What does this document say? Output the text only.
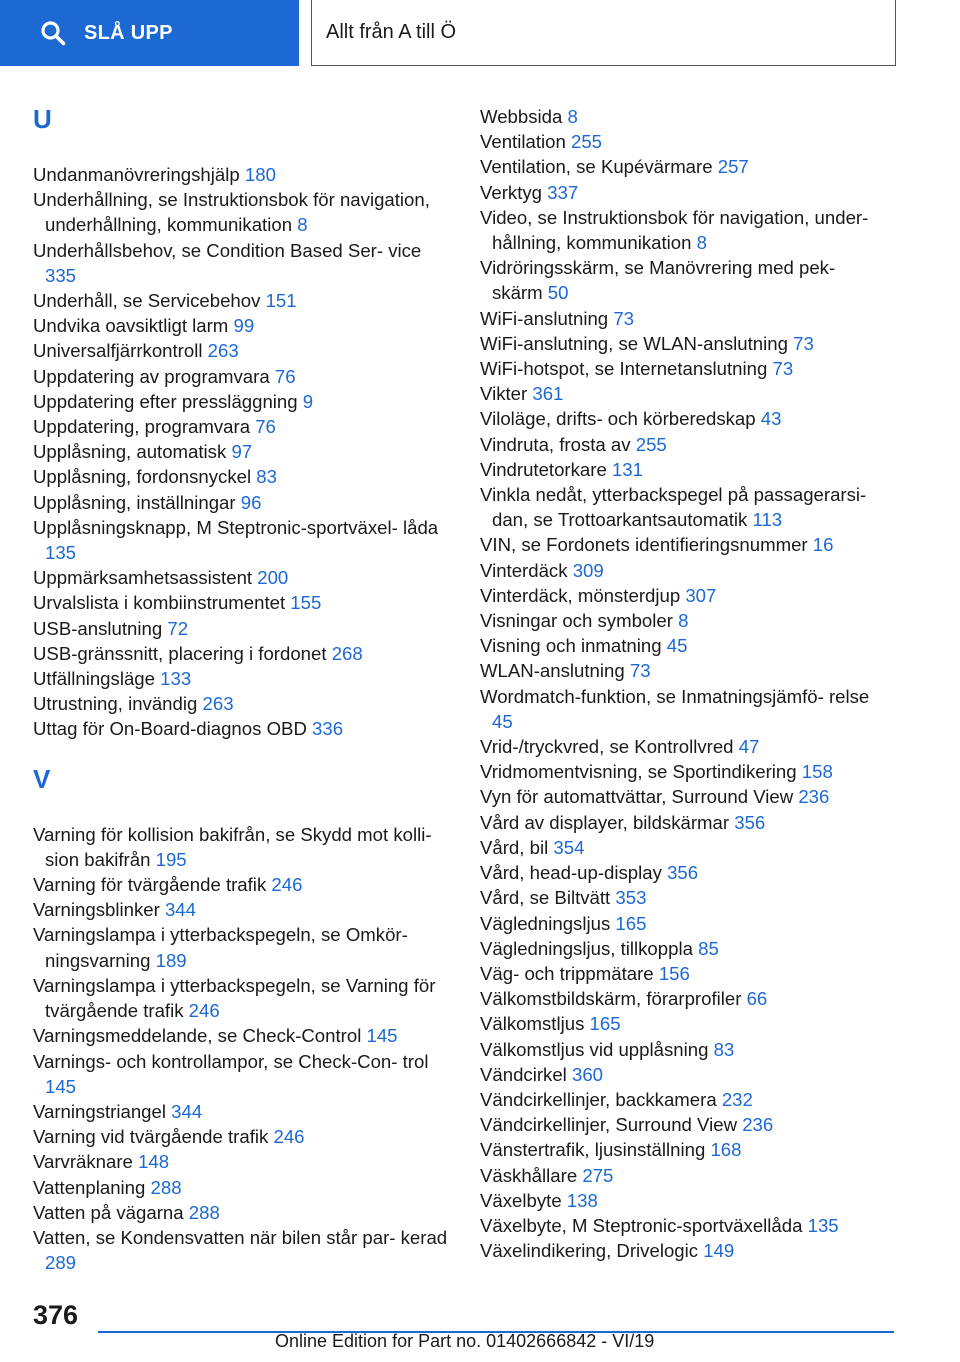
SLÅ UPP	Allt från A till Ö
U
Undanmanövreringshjälp 180
Underhållning, se Instruktionsbok för navigation, underhållning, kommunikation 8
Underhållsbehov, se Condition Based Ser- vice 335
Underhåll, se Servicebehov 151
Undvika oavsiktligt larm 99
Universalfjärrkontroll 263
Uppdatering av programvara 76
Uppdatering efter pressläggning 9
Uppdatering, programvara 76
Upplåsning, automatisk 97
Upplåsning, fordonsnyckel 83
Upplåsning, inställningar 96
Upplåsningsknapp, M Steptronic-sportväxel- låda 135
Uppmärksamhetsassistent 200
Urvalslista i kombiinstrumentet 155
USB-anslutning 72
USB-gränssnitt, placering i fordonet 268
Utfällningsläge 133
Utrustning, invändig 263
Uttag för On-Board-diagnos OBD 336
V
Varning för kollision bakifrån, se Skydd mot kolli- sion bakifrån 195
Varning för tvärgående trafik 246
Varningsblinker 344
Varningslampa i ytterbackspegeln, se Omkör- ningsvarning 189
Varningslampa i ytterbackspegeln, se Varning för tvärgående trafik 246
Varningsmeddelande, se Check-Control 145
Varnings- och kontrollampor, se Check-Con- trol 145
Varningstriangel 344
Varning vid tvärgående trafik 246
Varvräknare 148
Vattenplaning 288
Vatten på vägarna 288
Vatten, se Kondensvatten när bilen står par- kerad 289
Webbsida 8
Ventilation 255
Ventilation, se Kupévärmare 257
Verktyg 337
Video, se Instruktionsbok för navigation, under- hållning, kommunikation 8
Vidröringsskärm, se Manövrering med pek- skärm 50
WiFi-anslutning 73
WiFi-anslutning, se WLAN-anslutning 73
WiFi-hotspot, se Internetanslutning 73
Vikter 361
Viloläge, drifts- och körberedskap 43
Vindruta, frosta av 255
Vindrutetorkare 131
Vinkla nedåt, ytterbackspegel på passagerarsi- dan, se Trottoarkantsautomatik 113
VIN, se Fordonets identifieringsnummer 16
Vinterdäck 309
Vinterdäck, mönsterdjup 307
Visningar och symboler 8
Visning och inmatning 45
WLAN-anslutning 73
Wordmatch-funktion, se Inmatningsjämfö- relse 45
Vrid-/tryckvred, se Kontrollvred 47
Vridmomentvisning, se Sportindikering 158
Vyn för automattvättar, Surround View 236
Vård av displayer, bildskärmar 356
Vård, bil 354
Vård, head-up-display 356
Vård, se Biltvätt 353
Vägledningsljus 165
Vägledningsljus, tillkoppla 85
Väg- och trippmätare 156
Välkomstbildskärm, förarprofiler 66
Välkomstljus 165
Välkomstljus vid upplåsning 83
Vändcirkel 360
Vändcirkellinjer, backkamera 232
Vändcirkellinjer, Surround View 236
Vänstertrafik, ljusinställning 168
Väskhållare 275
Växelbyte 138
Växelbyte, M Steptronic-sportväxellåda 135
Växelindikering, Drivelogic 149
376
Online Edition for Part no. 01402666842 - VI/19
